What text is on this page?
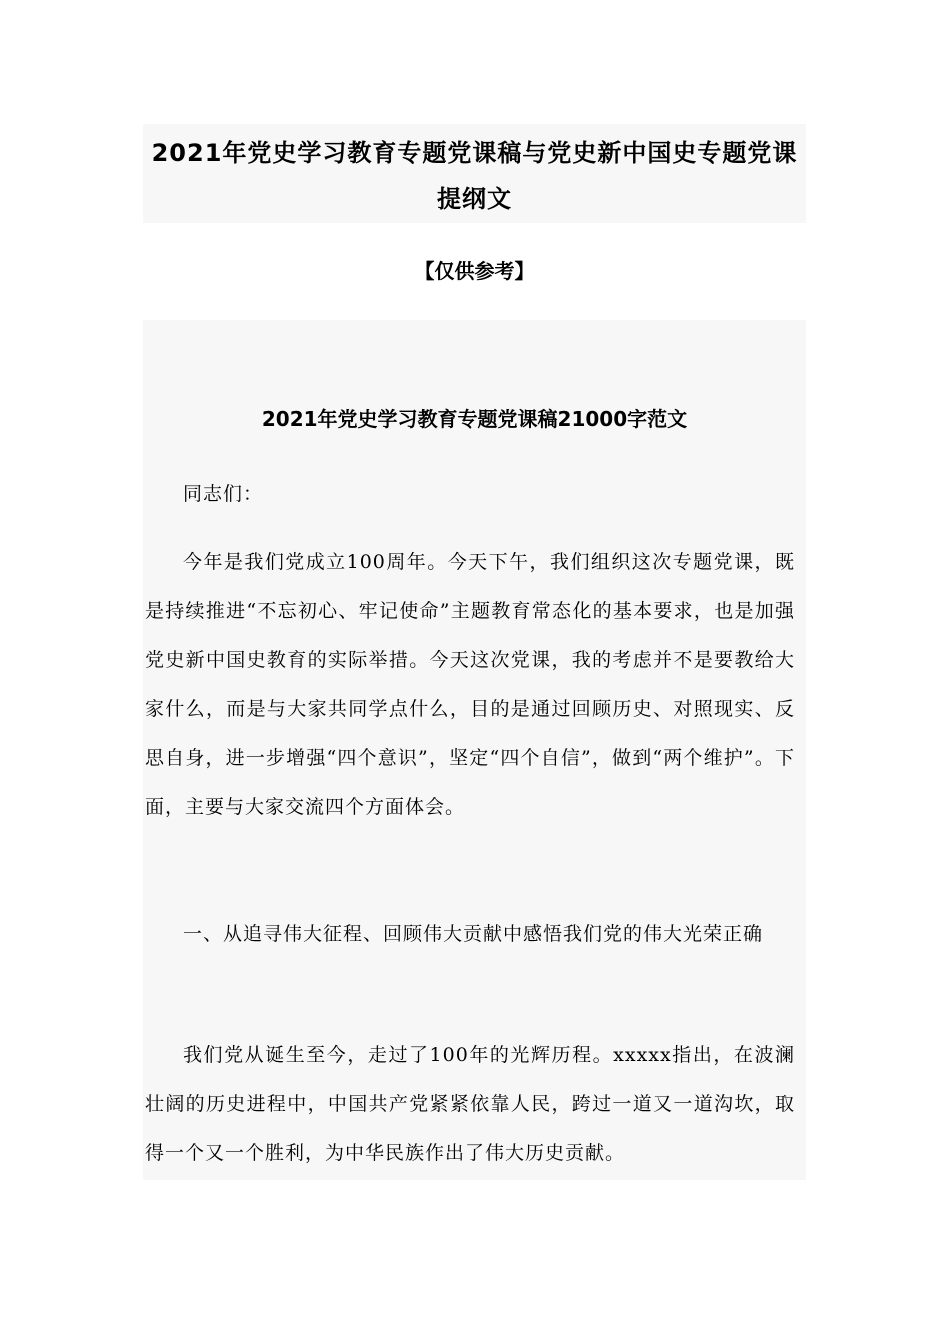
2021年党史学习教育专题党课稿与党史新中国史专题党课提纲文
【仅供参考】
2021年党史学习教育专题党课稿21000字范文

同志们：

今年是我们党成立100周年。今天下午，我们组织这次专题党课，既是持续推进“不忘初心、牢记使命”主题教育常态化的基本要求，也是加强党史新中国史教育的实际举措。今天这次党课，我的考虑并不是要教给大家什么，而是与大家共同学点什么，目的是通过回顾历史、对照现实、反思自身，进一步增强“四个意识”，坚定“四个自信”，做到“两个维护”。下面，主要与大家交流四个方面体会。

一、从追寻伟大征程、回顾伟大贡献中感悟我们党的伟大光荣正确

我们党从诞生至今，走过了100年的光辉历程。xxxxx指出，在波澜壮阔的历史进程中，中国共产党紧紧依靠人民，跨过一道又一道沟坎，取得一个又一个胜利，为中华民族作出了伟大历史贡献。
